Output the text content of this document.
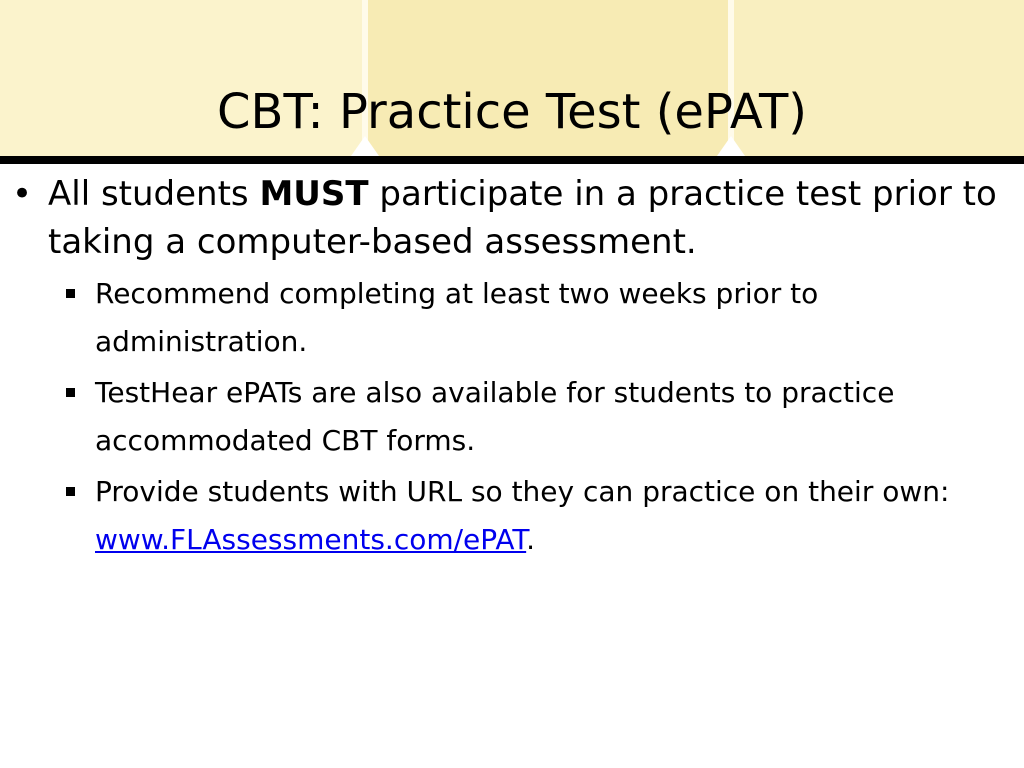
CBT: Practice Test (ePAT)
• All students MUST participate in a practice test prior to taking a computer-based assessment.
Recommend completing at least two weeks prior to administration.
TestHear ePATs are also available for students to practice accommodated CBT forms.
Provide students with URL so they can practice on their own: www.FLAssessments.com/ePAT.
